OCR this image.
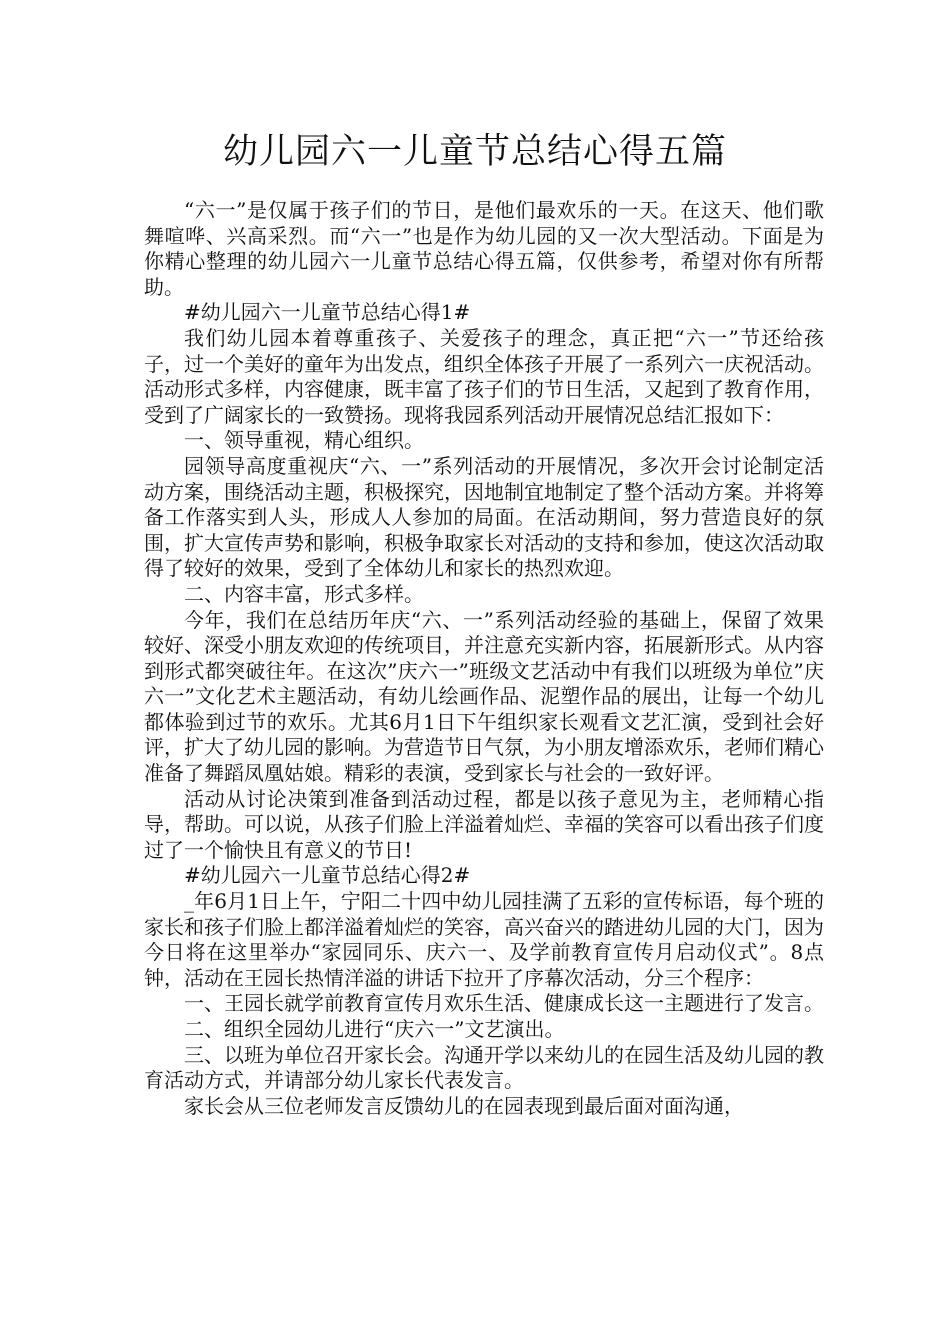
幼儿园六一儿童节总结心得五篇

“六一”是仅属于孩子们的节日，是他们最欢乐的一天。在这天、他们歌舞喧哗、兴高采烈。而“六一”也是作为幼儿园的又一次大型活动。下面是为你精心整理的幼儿园六一儿童节总结心得五篇，仅供参考，希望对你有所帮助。

#幼儿园六一儿童节总结心得1#

我们幼儿园本着尊重孩子、关爱孩子的理念，真正把“六一”节还给孩子，过一个美好的童年为出发点，组织全体孩子开展了一系列六一庆祝活动。活动形式多样，内容健康，既丰富了孩子们的节日生活，又起到了教育作用，受到了广阔家长的一致赞扬。现将我园系列活动开展情况总结汇报如下：

一、领导重视，精心组织。

园领导高度重视庆“六、一”系列活动的开展情况，多次开会讨论制定活动方案，围绕活动主题，积极探究，因地制宜地制定了整个活动方案。并将筹备工作落实到人头，形成人人参加的局面。在活动期间，努力营造良好的氛围，扩大宣传声势和影响，积极争取家长对活动的支持和参加，使这次活动取得了较好的效果，受到了全体幼儿和家长的热烈欢迎。

二、内容丰富，形式多样。

今年，我们在总结历年庆“六、一”系列活动经验的基础上，保留了效果较好、深受小朋友欢迎的传统项目，并注意充实新内容，拓展新形式。从内容到形式都突破往年。在这次”庆六一”班级文艺活动中有我们以班级为单位”庆六一”文化艺术主题活动，有幼儿绘画作品、泥塑作品的展出，让每一个幼儿都体验到过节的欢乐。尤其6月1日下午组织家长观看文艺汇演，受到社会好评，扩大了幼儿园的影响。为营造节日气氛，为小朋友增添欢乐，老师们精心准备了舞蹈凤凰姑娘。精彩的表演，受到家长与社会的一致好评。

活动从讨论决策到准备到活动过程，都是以孩子意见为主，老师精心指导，帮助。可以说，从孩子们脸上洋溢着灿烂、幸福的笑容可以看出孩子们度过了一个愉快且有意义的节日!

#幼儿园六一儿童节总结心得2#

_年6月1日上午，宁阳二十四中幼儿园挂满了五彩的宣传标语，每个班的家长和孩子们脸上都洋溢着灿烂的笑容，高兴奋兴的踏进幼儿园的大门，因为今日将在这里举办“家园同乐、庆六一、及学前教育宣传月启动仪式”。8点钟，活动在王园长热情洋溢的讲话下拉开了序幕次活动，分三个程序：

一、王园长就学前教育宣传月欢乐生活、健康成长这一主题进行了发言。

二、组织全园幼儿进行“庆六一”文艺演出。

三、以班为单位召开家长会。沟通开学以来幼儿的在园生活及幼儿园的教育活动方式，并请部分幼儿家长代表发言。

家长会从三位老师发言反馈幼儿的在园表现到最后面对面沟通，
